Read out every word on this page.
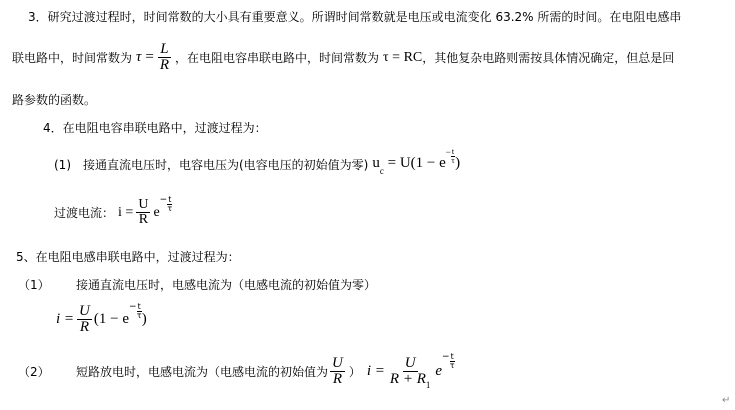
3．研究过渡过程时，时间常数的大小具有重要意义。所谓时间常数就是电压或电流变化 63.2% 所需的时间。在电阻电感串
联电路中，时间常数为 $\tau = \frac{L}{R}$ ，在电阻电容串联电路中，时间常数为 τ = RC ，其他复杂电路则需按具体情况确定，但总是回
路参数的函数。
4．在电阻电容串联电路中，过渡过程为：
(1) 接通直流电压时，电容电压为(电容电压的初始值为零) $u_c = U(1 - e^{- \frac{t}{\tau}}$ )
过渡电流： $i = \frac{U}{R}$ e
− $\frac{t}{\tau}$
5、在电阻电感串联电路中，过渡过程为：
（1）	接通直流电压时，电感电流为（电感电流的初始值为零）
$i = \frac{U}{R} (1 - e$
− $\frac{t}{\tau}$ )
（2）	短路放电时，电感电流为（电感电流的初始值为 $\frac{U}{R}$ ） $i = \frac{U}{R + R_1}$ e
− $\frac{t}{\tau}$
↵
